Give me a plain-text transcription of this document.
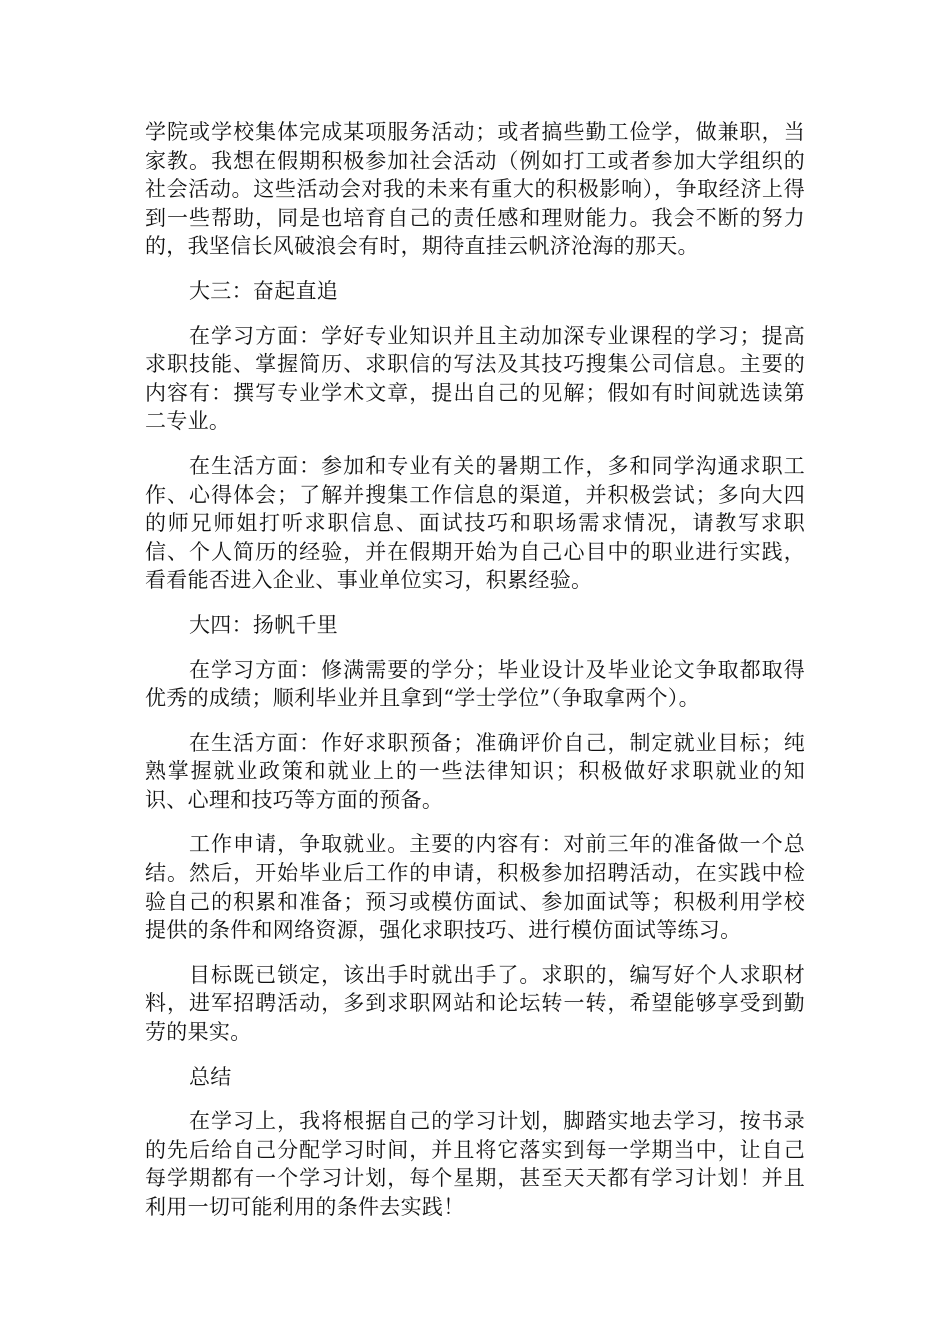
学院或学校集体完成某项服务活动；或者搞些勤工俭学，做兼职，当家教。我想在假期积极参加社会活动（例如打工或者参加大学组织的社会活动。这些活动会对我的未来有重大的积极影响），争取经济上得到一些帮助，同是也培育自己的责任感和理财能力。我会不断的努力的，我坚信长风破浪会有时，期待直挂云帆济沧海的那天。

大三：奋起直追

在学习方面：学好专业知识并且主动加深专业课程的学习；提高求职技能、掌握简历、求职信的写法及其技巧搜集公司信息。主要的内容有：撰写专业学术文章，提出自己的见解；假如有时间就选读第二专业。

在生活方面：参加和专业有关的暑期工作，多和同学沟通求职工作、心得体会；了解并搜集工作信息的渠道，并积极尝试；多向大四的师兄师姐打听求职信息、面试技巧和职场需求情况，请教写求职信、个人简历的经验，并在假期开始为自己心目中的职业进行实践，看看能否进入企业、事业单位实习，积累经验。

大四：扬帆千里

在学习方面：修满需要的学分；毕业设计及毕业论文争取都取得优秀的成绩；顺利毕业并且拿到“学士学位”（争取拿两个）。

在生活方面：作好求职预备；准确评价自己，制定就业目标；纯熟掌握就业政策和就业上的一些法律知识；积极做好求职就业的知识、心理和技巧等方面的预备。

工作申请，争取就业。主要的内容有：对前三年的准备做一个总结。然后，开始毕业后工作的申请，积极参加招聘活动，在实践中检验自己的积累和准备；预习或模仿面试、参加面试等；积极利用学校提供的条件和网络资源，强化求职技巧、进行模仿面试等练习。

目标既已锁定，该出手时就出手了。求职的，编写好个人求职材料，进军招聘活动，多到求职网站和论坛转一转，希望能够享受到勤劳的果实。

总结

在学习上，我将根据自己的学习计划，脚踏实地去学习，按书录的先后给自己分配学习时间，并且将它落实到每一学期当中，让自己每学期都有一个学习计划，每个星期，甚至天天都有学习计划！并且利用一切可能利用的条件去实践！
